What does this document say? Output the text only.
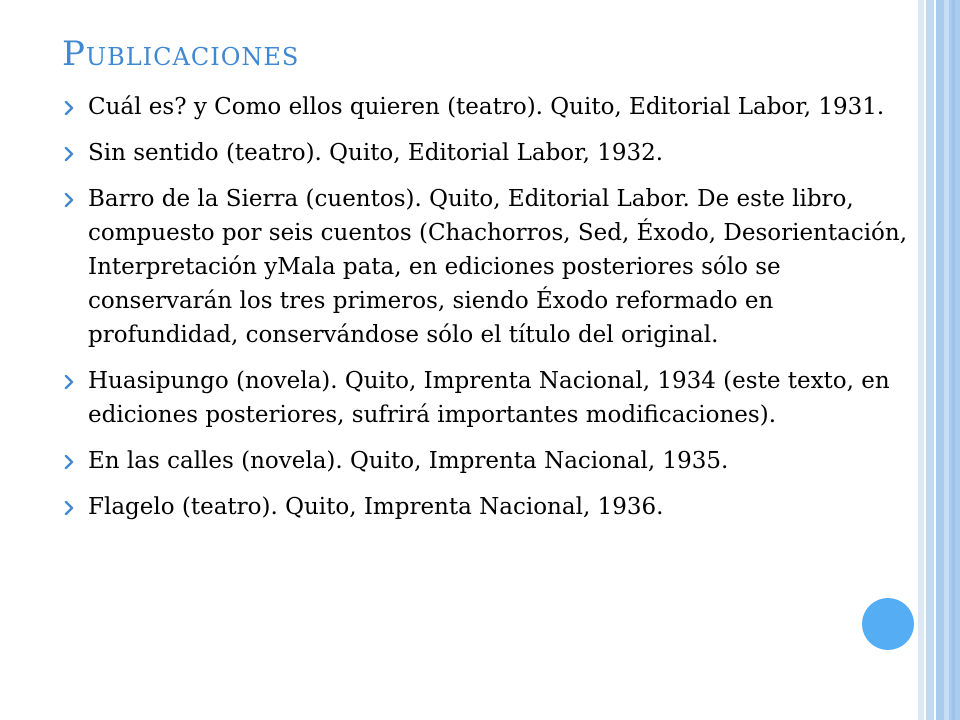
Publicaciones
Cuál es? y Como ellos quieren (teatro). Quito, Editorial Labor, 1931.
Sin sentido (teatro). Quito, Editorial Labor, 1932.
Barro de la Sierra (cuentos). Quito, Editorial Labor. De este libro, compuesto por seis cuentos (Chachorros, Sed, Éxodo, Desorientación, Interpretación yMala pata, en ediciones posteriores sólo se conservarán los tres primeros, siendo Éxodo reformado en profundidad, conservándose sólo el título del original.
Huasipungo (novela). Quito, Imprenta Nacional, 1934 (este texto, en ediciones posteriores, sufrirá importantes modificaciones).
En las calles (novela). Quito, Imprenta Nacional, 1935.
Flagelo (teatro). Quito, Imprenta Nacional, 1936.
